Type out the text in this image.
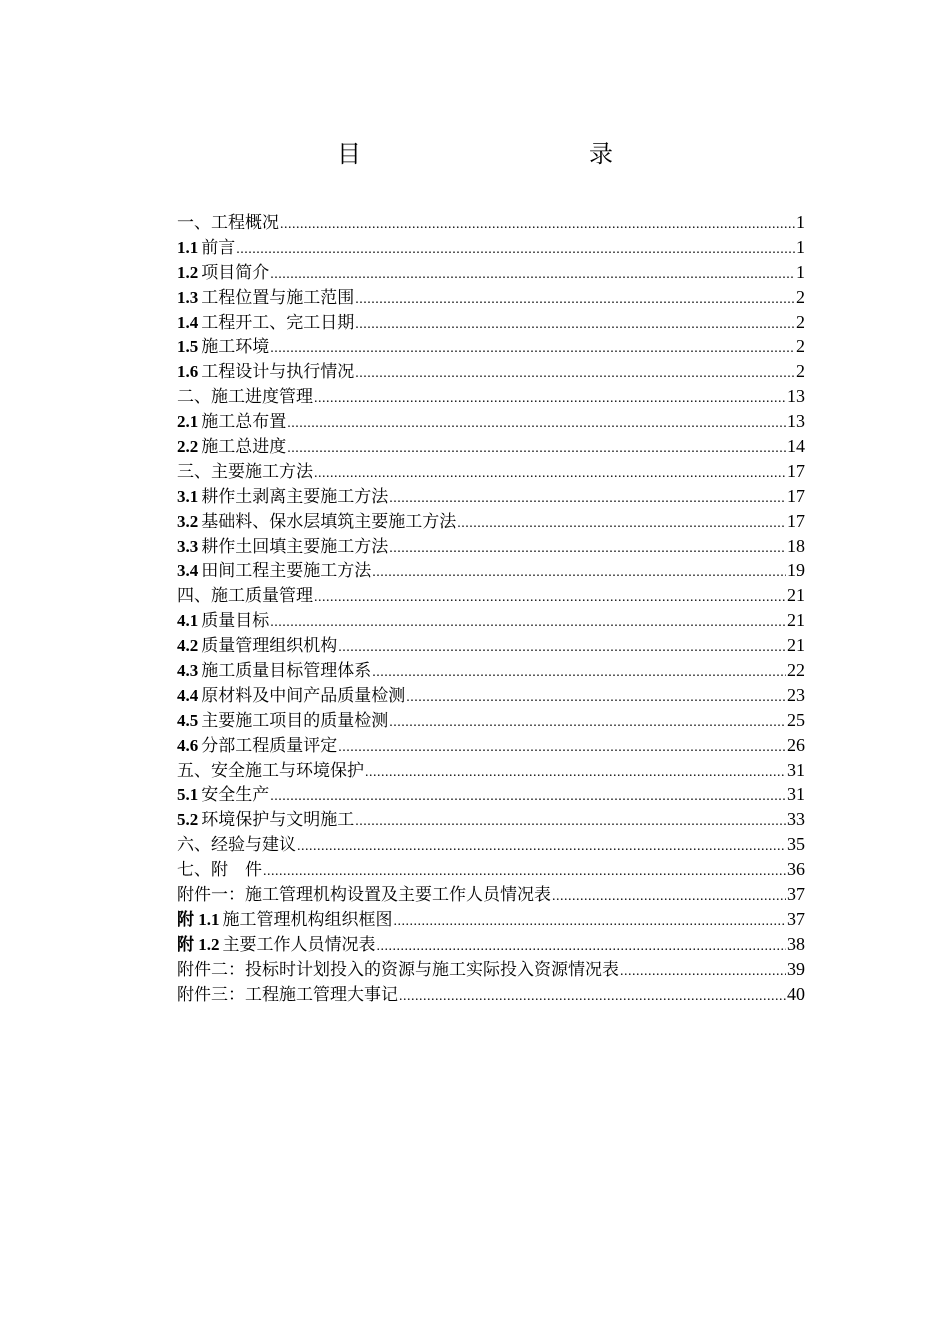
目　　录
一、工程概况 .....	1
1.1 前言 .....	1
1.2 项目简介 .....	1
1.3 工程位置与施工范围 .....	2
1.4 工程开工、完工日期 .....	2
1.5 施工环境 .....	2
1.6 工程设计与执行情况 .....	2
二、施工进度管理 .....	13
2.1 施工总布置 .....	13
2.2 施工总进度 .....	14
三、主要施工方法 .....	17
3.1 耕作土剥离主要施工方法 .....	17
3.2 基础料、保水层填筑主要施工方法 .....	17
3.3 耕作土回填主要施工方法 .....	18
3.4 田间工程主要施工方法 .....	19
四、施工质量管理 .....	21
4.1 质量目标 .....	21
4.2 质量管理组织机构 .....	21
4.3 施工质量目标管理体系 .....	22
4.4 原材料及中间产品质量检测 .....	23
4.5 主要施工项目的质量检测 .....	25
4.6 分部工程质量评定 .....	26
五、安全施工与环境保护 .....	31
5.1 安全生产 .....	31
5.2 环境保护与文明施工 .....	33
六、经验与建议 .....	35
七、附　件 .....	36
附件一：施工管理机构设置及主要工作人员情况表 .....	37
附 1.1 施工管理机构组织框图 .....	37
附 1.2 主要工作人员情况表 .....	38
附件二：投标时计划投入的资源与施工实际投入资源情况表 .....	39
附件三：工程施工管理大事记 .....	40
